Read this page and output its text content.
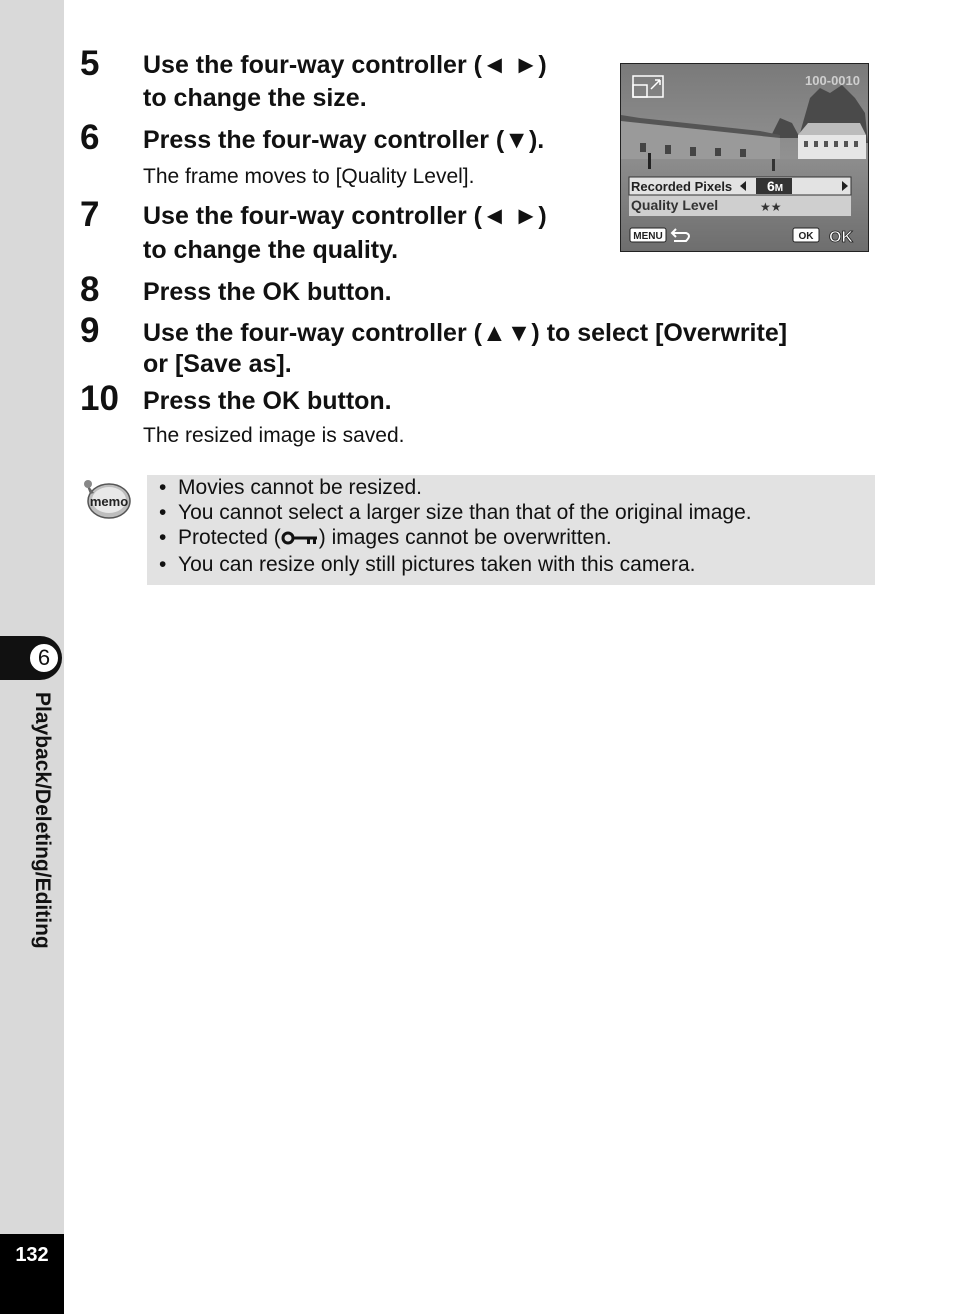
6
Playback/Deleting/Editing
132
5 Use the four-way controller (◄ ►)
to change the size.
6 Press the four-way controller (▼).
The frame moves to [Quality Level].
7 Use the four-way controller (◄ ►)
to change the quality.
8 Press the OK button.
9 Use the four-way controller (▲▼) to select [Overwrite]
or [Save as].
10 Press the OK button.
The resized image is saved.
memo
• Movies cannot be resized.
• You cannot select a larger size than that of the original image.
• Protected ( ) images cannot be overwritten.
• You can resize only still pictures taken with this camera.
100-0010
Recorded Pixels 6M
Quality Level	★★
MENU	OK OK
